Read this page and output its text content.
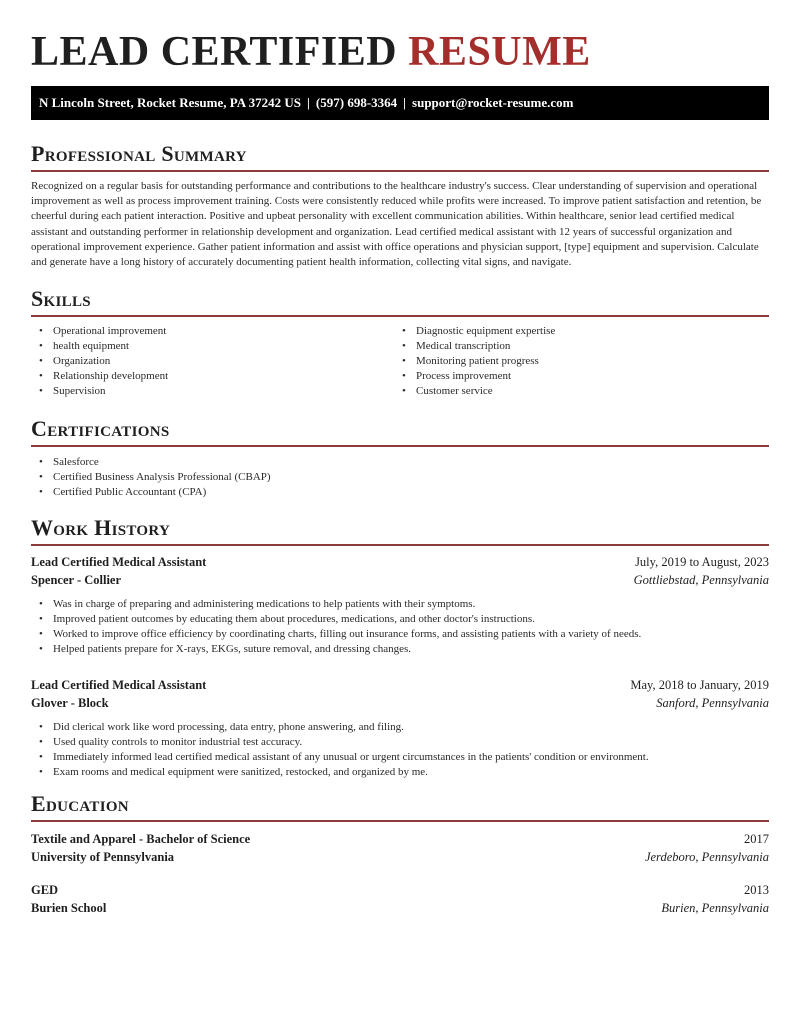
LEAD CERTIFIED RESUME
N Lincoln Street, Rocket Resume, PA 37242 US | (597) 698-3364 | support@rocket-resume.com
Professional Summary

Recognized on a regular basis for outstanding performance and contributions to the healthcare industry's success. Clear understanding of supervision and operational improvement as well as process improvement training. Costs were consistently reduced while profits were increased. To improve patient satisfaction and retention, be cheerful during each patient interaction. Positive and upbeat personality with excellent communication abilities. Within healthcare, senior lead certified medical assistant and outstanding performer in relationship development and organization. Lead certified medical assistant with 12 years of successful organization and operational improvement experience. Gather patient information and assist with office operations and physician support, [type] equipment and supervision. Calculate and generate have a long history of accurately documenting patient health information, collecting vital signs, and navigate.

Skills
• Operational improvement
• health equipment
• Organization
• Relationship development
• Supervision
• Diagnostic equipment expertise
• Medical transcription
• Monitoring patient progress
• Process improvement
• Customer service
Certifications
• Salesforce
• Certified Business Analysis Professional (CBAP)
• Certified Public Accountant (CPA)
Work History
Lead Certified Medical Assistant	July, 2019 to August, 2023
Spencer - Collier	Gottliebstad, Pennsylvania
• Was in charge of preparing and administering medications to help patients with their symptoms.
• Improved patient outcomes by educating them about procedures, medications, and other doctor's instructions.
• Worked to improve office efficiency by coordinating charts, filling out insurance forms, and assisting patients with a variety of needs.
• Helped patients prepare for X-rays, EKGs, suture removal, and dressing changes.
Lead Certified Medical Assistant	May, 2018 to January, 2019
Glover - Block	Sanford, Pennsylvania
• Did clerical work like word processing, data entry, phone answering, and filing.
• Used quality controls to monitor industrial test accuracy.
• Immediately informed lead certified medical assistant of any unusual or urgent circumstances in the patients' condition or environment.
• Exam rooms and medical equipment were sanitized, restocked, and organized by me.
Education
Textile and Apparel - Bachelor of Science	2017
University of Pennsylvania	Jerdeboro, Pennsylvania
GED	2013
Burien School	Burien, Pennsylvania
